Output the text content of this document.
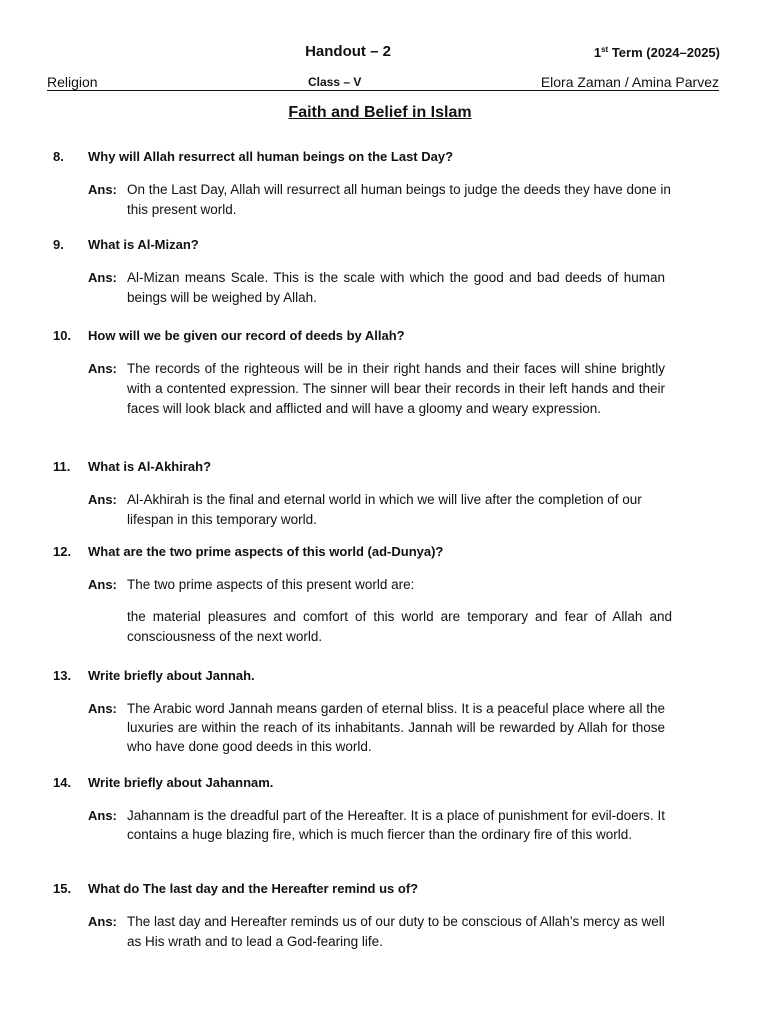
Handout – 2	1st Term (2024–2025)
Religion	Class – V	Elora Zaman / Amina Parvez
Faith and Belief in Islam
8. Why will Allah resurrect all human beings on the Last Day?
Ans: On the Last Day, Allah will resurrect all human beings to judge the deeds they have done in this present world.
9. What is Al-Mizan?
Ans: Al-Mizan means Scale. This is the scale with which the good and bad deeds of human beings will be weighed by Allah.
10. How will we be given our record of deeds by Allah?
Ans: The records of the righteous will be in their right hands and their faces will shine brightly with a contented expression. The sinner will bear their records in their left hands and their faces will look black and afflicted and will have a gloomy and weary expression.
11. What is Al-Akhirah?
Ans: Al-Akhirah is the final and eternal world in which we will live after the completion of our lifespan in this temporary world.
12. What are the two prime aspects of this world (ad-Dunya)?
Ans: The two prime aspects of this present world are:
the material pleasures and comfort of this world are temporary and fear of Allah and consciousness of the next world.
13. Write briefly about Jannah.
Ans: The Arabic word Jannah means garden of eternal bliss. It is a peaceful place where all the luxuries are within the reach of its inhabitants. Jannah will be rewarded by Allah for those who have done good deeds in this world.
14. Write briefly about Jahannam.
Ans: Jahannam is the dreadful part of the Hereafter. It is a place of punishment for evil-doers. It contains a huge blazing fire, which is much fiercer than the ordinary fire of this world.
15. What do The last day and the Hereafter remind us of?
Ans: The last day and Hereafter reminds us of our duty to be conscious of Allah’s mercy as well as His wrath and to lead a God-fearing life.
